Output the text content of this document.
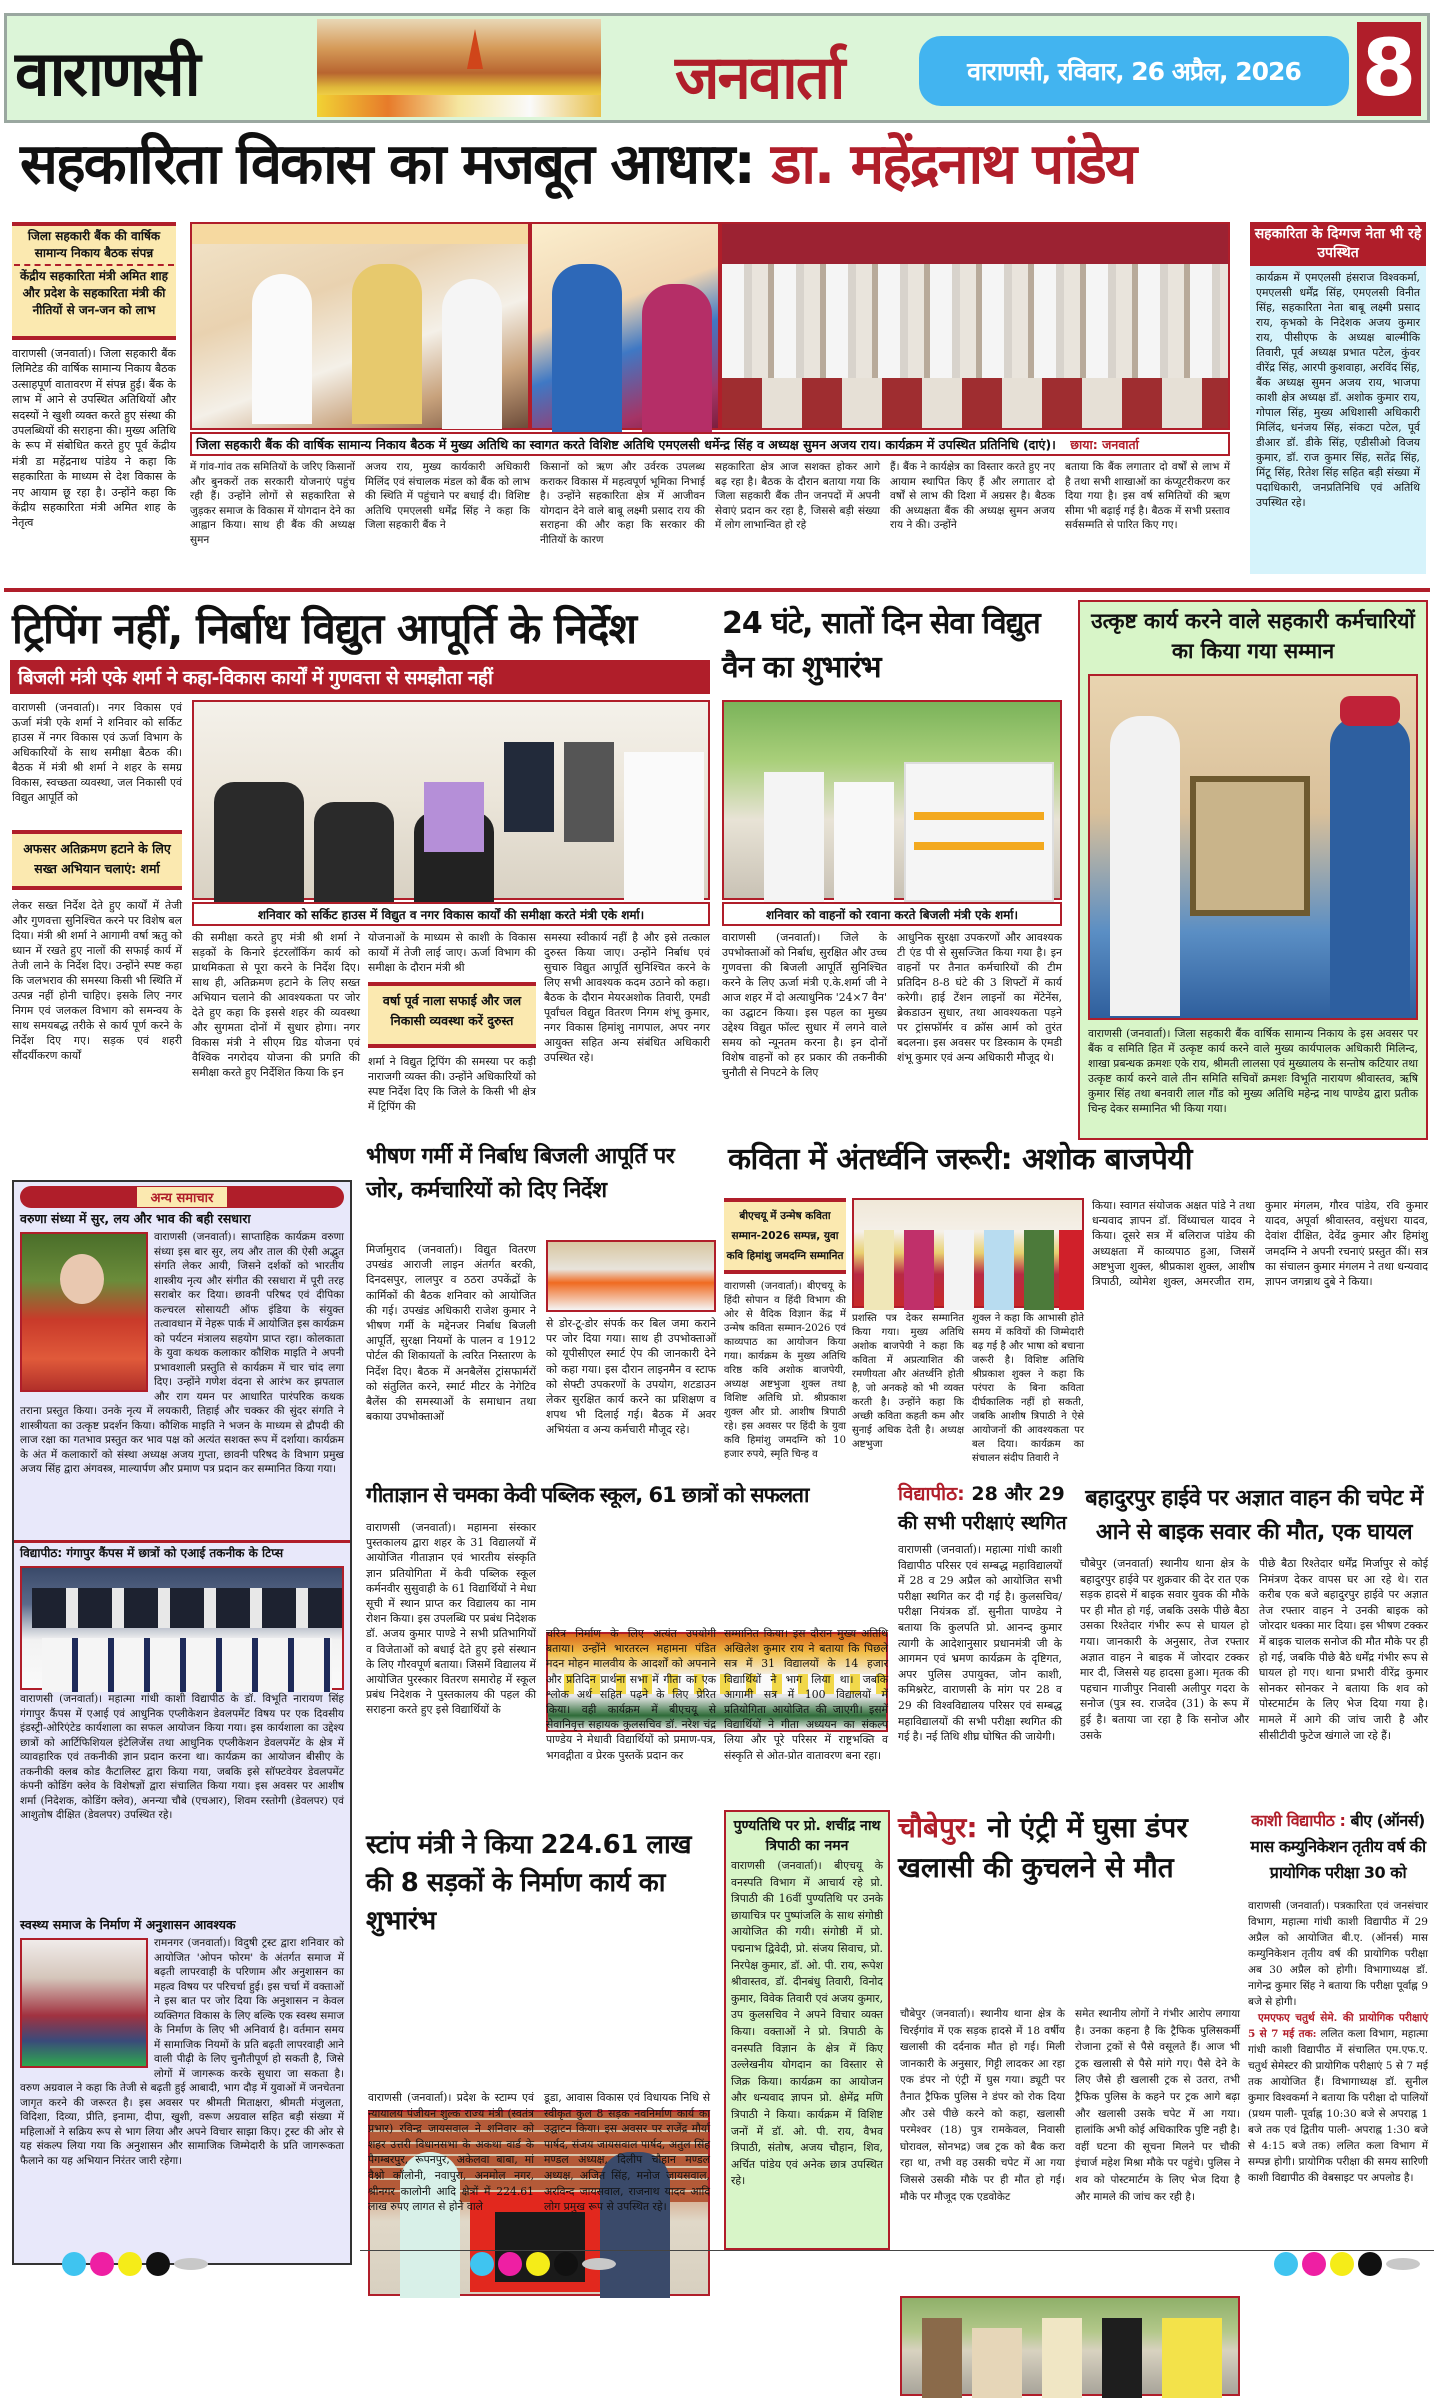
वाराणसी	जनवार्ता	वाराणसी, रविवार, 26 अप्रैल, 2026 8
सहकारिता विकास का मजबूत आधार: डा. महेंद्रनाथ पांडेय
जिला सहकारी बैंक की वार्षिक सामान्य निकाय बैठक संपन्न
केंद्रीय सहकारिता मंत्री अमित शाह और प्रदेश के सहकारिता मंत्री की नीतियों से जन-जन को लाभ
वाराणसी (जनवार्ता)। जिला सहकारी बैंक लिमिटेड की वार्षिक सामान्य निकाय बैठक उत्साहपूर्ण वातावरण में संपन्न हुई। बैंक के लाभ में आने से उपस्थित अतिथियों और सदस्यों ने खुशी व्यक्त करते हुए संस्था की उपलब्धियों की सराहना की। मुख्य अतिथि के रूप में संबोधित करते हुए पूर्व केंद्रीय मंत्री डा महेंद्रनाथ पांडेय ने कहा कि सहकारिता के माध्यम से देश विकास के नए आयाम छू रहा है। उन्होंने कहा कि केंद्रीय सहकारिता मंत्री अमित शाह के नेतृत्व
जिला सहकारी बैंक की वार्षिक सामान्य निकाय बैठक में मुख्य अतिथि का स्वागत करते विशिष्ट अतिथि एमएलसी धर्मेन्द्र सिंह व अध्यक्ष सुमन अजय राय। कार्यक्रम में उपस्थित प्रतिनिधि (दाएं)। छाया: जनवार्ता
में गांव-गांव तक समितियों के जरिए किसानों और बुनकरों तक सरकारी योजनाएं पहुंच रही हैं। उन्होंने लोगों से सहकारिता से जुड़कर समाज के विकास में योगदान देने का आह्वान किया। साथ ही बैंक की अध्यक्ष सुमन
अजय राय, मुख्य कार्यकारी अधिकारी मिलिंद एवं संचालक मंडल को बैंक को लाभ की स्थिति में पहुंचाने पर बधाई दी। विशिष्ट अतिथि एमएलसी धर्मेंद्र सिंह ने कहा कि जिला सहकारी बैंक ने
किसानों को ऋण और उर्वरक उपलब्ध कराकर विकास में महत्वपूर्ण भूमिका निभाई है। उन्होंने सहकारिता क्षेत्र में आजीवन योगदान देने वाले बाबू लक्ष्मी प्रसाद राय की सराहना की और कहा कि सरकार की नीतियों के कारण
सहकारिता क्षेत्र आज सशक्त होकर आगे बढ़ रहा है। बैठक के दौरान बताया गया कि जिला सहकारी बैंक तीन जनपदों में अपनी सेवाएं प्रदान कर रहा है, जिससे बड़ी संख्या में लोग लाभान्वित हो रहे
हैं। बैंक ने कार्यक्षेत्र का विस्तार करते हुए नए आयाम स्थापित किए हैं और लगातार दो वर्षों से लाभ की दिशा में अग्रसर है। बैठक की अध्यक्षता बैंक की अध्यक्ष सुमन अजय राय ने की। उन्होंने
बताया कि बैंक लगातार दो वर्षों से लाभ में है तथा सभी शाखाओं का कंप्यूटरीकरण कर दिया गया है। इस वर्ष समितियों की ऋण सीमा भी बढ़ाई गई है। बैठक में सभी प्रस्ताव सर्वसम्मति से पारित किए गए।
सहकारिता के दिग्गज नेता भी रहे उपस्थित
कार्यक्रम में एमएलसी हंसराज विश्वकर्मा, एमएलसी धर्मेंद्र सिंह, एमएलसी विनीत सिंह, सहकारिता नेता बाबू लक्ष्मी प्रसाद राय, कृभको के निदेशक अजय कुमार राय, पीसीएफ के अध्यक्ष बाल्मीकि तिवारी, पूर्व अध्यक्ष प्रभात पटेल, कुंवर वीरेंद्र सिंह, आरपी कुशवाहा, अरविंद सिंह, बैंक अध्यक्ष सुमन अजय राय, भाजपा काशी क्षेत्र अध्यक्ष डॉ. अशोक कुमार राय, गोपाल सिंह, मुख्य अधिशासी अधिकारी मिलिंद, धनंजय सिंह, संकटा पटेल, पूर्व डीआर डॉ. डीके सिंह, एडीसीओ विजय कुमार, डॉ. राज कुमार सिंह, सतेंद्र सिंह, मिंटू सिंह, रितेश सिंह सहित बड़ी संख्या में पदाधिकारी, जनप्रतिनिधि एवं अतिथि उपस्थित रहे।
ट्रिपिंग नहीं, निर्बाध विद्युत आपूर्ति के निर्देश
बिजली मंत्री एके शर्मा ने कहा-विकास कार्यों में गुणवत्ता से समझौता नहीं
वाराणसी (जनवार्ता)। नगर विकास एवं ऊर्जा मंत्री एके शर्मा ने शनिवार को सर्किट हाउस में नगर विकास एवं ऊर्जा विभाग के अधिकारियों के साथ समीक्षा बैठक की। बैठक में मंत्री श्री शर्मा ने शहर के समग्र विकास, स्वच्छता व्यवस्था, जल निकासी एवं विद्युत आपूर्ति को
अफसर अतिक्रमण हटाने के लिए सख्त अभियान चलाएं: शर्मा
लेकर सख्त निर्देश देते हुए कार्यों में तेजी और गुणवत्ता सुनिश्चित करने पर विशेष बल दिया। मंत्री श्री शर्मा ने आगामी वर्षा ऋतु को ध्यान में रखते हुए नालों की सफाई कार्य में तेजी लाने के निर्देश दिए। उन्होंने स्पष्ट कहा कि जलभराव की समस्या किसी भी स्थिति में उत्पन्न नहीं होनी चाहिए। इसके लिए नगर निगम एवं जलकल विभाग को समन्वय के साथ समयबद्ध तरीके से कार्य पूर्ण करने के निर्देश दिए गए। सड़क एवं शहरी सौंदर्यीकरण कार्यों
शनिवार को सर्किट हाउस में विद्युत व नगर विकास कार्यों की समीक्षा करते मंत्री एके शर्मा।
की समीक्षा करते हुए मंत्री श्री शर्मा ने सड़कों के किनारे इंटरलॉकिंग कार्य को प्राथमिकता से पूरा करने के निर्देश दिए। साथ ही, अतिक्रमण हटाने के लिए सख्त अभियान चलाने की आवश्यकता पर जोर देते हुए कहा कि इससे शहर की व्यवस्था और सुगमता दोनों में सुधार होगा। नगर विकास मंत्री ने सीएम ग्रिड योजना एवं वैश्विक नगरोदय योजना की प्रगति की समीक्षा करते हुए निर्देशित किया कि इन
योजनाओं के माध्यम से काशी के विकास कार्यों में तेजी लाई जाए। ऊर्जा विभाग की समीक्षा के दौरान मंत्री श्री
वर्षा पूर्व नाला सफाई और जल निकासी व्यवस्था करें दुरुस्त
शर्मा ने विद्युत ट्रिपिंग की समस्या पर कड़ी नाराजगी व्यक्त की। उन्होंने अधिकारियों को स्पष्ट निर्देश दिए कि जिले के किसी भी क्षेत्र में ट्रिपिंग की
समस्या स्वीकार्य नहीं है और इसे तत्काल दुरुस्त किया जाए। उन्होंने निर्बाध एवं सुचारु विद्युत आपूर्ति सुनिश्चित करने के लिए सभी आवश्यक कदम उठाने को कहा। बैठक के दौरान मेयरअशोक तिवारी, एमडी पूर्वांचल विद्युत वितरण निगम शंभू कुमार, नगर विकास हिमांशु नागपाल, अपर नगर आयुक्त सहित अन्य संबंधित अधिकारी उपस्थित रहे।
24 घंटे, सातों दिन सेवा विद्युत वैन का शुभारंभ
शनिवार को वाहनों को रवाना करते बिजली मंत्री एके शर्मा।
वाराणसी (जनवार्ता)। जिले के उपभोक्ताओं को निर्बाध, सुरक्षित और उच्च गुणवत्ता की बिजली आपूर्ति सुनिश्चित करने के लिए ऊर्जा मंत्री ए.के.शर्मा जी ने आज शहर में दो अत्याधुनिक '24×7 वैन' का उद्घाटन किया। इस पहल का मुख्य उद्देश्य विद्युत फॉल्ट सुधार में लगने वाले समय को न्यूनतम करना है। इन दोनों विशेष वाहनों को हर प्रकार की तकनीकी चुनौती से निपटने के लिए
आधुनिक सुरक्षा उपकरणों और आवश्यक टी एंड पी से सुसज्जित किया गया है। इन वाहनों पर तैनात कर्मचारियों की टीम प्रतिदिन 8-8 घंटे की 3 शिफ्टों में कार्य करेगी। हाई टेंशन लाइनों का मेंटेनेंस, ब्रेकडाउन सुधार, तथा आवश्यकता पड़ने पर ट्रांसफॉर्मर व क्रॉस आर्म को तुरंत बदलना। इस अवसर पर डिस्काम के एमडी शंभू कुमार एवं अन्य अधिकारी मौजूद थे।
उत्कृष्ट कार्य करने वाले सहकारी कर्मचारियों का किया गया सम्मान
वाराणसी (जनवार्ता)। जिला सहकारी बैंक वार्षिक सामान्य निकाय के इस अवसर पर बैंक व समिति हित में उत्कृष्ट कार्य करने वाले मुख्य कार्यपालक अधिकारी मिलिन्द, शाखा प्रबन्धक क्रमशः एके राय, श्रीमती लालसा एवं मुख्यालय के सन्तोष कटियार तथा उत्कृष्ट कार्य करने वाले तीन समिति सचिवों क्रमशः विभूति नारायण श्रीवास्तव, ऋषि कुमार सिंह तथा बनवारी लाल गौंड को मुख्य अतिथि महेन्द्र नाथ पाण्डेय द्वारा प्रतीक चिन्ह देकर सम्मानित भी किया गया।
अन्य समाचार
वरुणा संध्या में सुर, लय और भाव की बही रसधारा
वाराणसी (जनवार्ता)। साप्ताहिक कार्यक्रम वरुणा संध्या इस बार सुर, लय और ताल की ऐसी अद्भुत संगति लेकर आयी, जिसने दर्शकों को भारतीय शास्त्रीय नृत्य और संगीत की रसधारा में पूरी तरह सराबोर कर दिया। छावनी परिषद एवं दीपिका कल्चरल सोसायटी ऑफ इंडिया के संयुक्त तत्वावधान में नेहरू पार्क में आयोजित इस कार्यक्रम को पर्यटन मंत्रालय सहयोग प्राप्त रहा। कोलकाता के युवा कथक कलाकार कौशिक माइति ने अपनी प्रभावशाली प्रस्तुति से कार्यक्रम में चार चांद लगा दिए। उन्होंने गणेश वंदना से आरंभ कर झपताल और राग यमन पर आधारित पारंपरिक कथक तराना प्रस्तुत किया। उनके नृत्य में लयकारी, तिहाई और चक्कर की सुंदर संगति ने शास्त्रीयता का उत्कृष्ट प्रदर्शन किया। कौशिक माइति ने भजन के माध्यम से द्रौपदी की लाज रक्षा का गतभाव प्रस्तुत कर भाव पक्ष को अत्यंत सशक्त रूप में दर्शाया। कार्यक्रम के अंत में कलाकारों को संस्था अध्यक्ष अजय गुप्ता, छावनी परिषद के विभाग प्रमुख अजय सिंह द्वारा अंगवस्त्र, माल्यार्पण और प्रमाण पत्र प्रदान कर सम्मानित किया गया।
विद्यापीठ: गंगापुर कैंपस में छात्रों को एआई तकनीक के टिप्स
वाराणसी (जनवार्ता)। महात्मा गांधी काशी विद्यापीठ के डॉ. विभूति नारायण सिंह गंगापुर कैंपस में एआई एवं आधुनिक एप्लीकेशन डेवलपमेंट विषय पर एक दिवसीय इंडस्ट्री-ओरिएंटेड कार्यशाला का सफल आयोजन किया गया। इस कार्यशाला का उद्देश्य छात्रों को आर्टिफिशियल इंटेलिजेंस तथा आधुनिक एप्लीकेशन डेवलपमेंट के क्षेत्र में व्यावहारिक एवं तकनीकी ज्ञान प्रदान करना था। कार्यक्रम का आयोजन बीसीए के तकनीकी क्लब कोड कैटालिस्ट द्वारा किया गया, जबकि इसे सॉफ्टवेयर डेवलपमेंट कंपनी कोडिंग क्लेव के विशेषज्ञों द्वारा संचालित किया गया। इस अवसर पर आशीष शर्मा (निदेशक, कोडिंग क्लेव), अनन्या चौबे (एचआर), शिवम रस्तोगी (डेवलपर) एवं आशुतोष दीक्षित (डेवलपर) उपस्थित रहे।
स्वस्थ्य समाज के निर्माण में अनुशासन आवश्यक
रामनगर (जनवार्ता)। विदुषी ट्रस्ट द्वारा शनिवार को आयोजित 'ओपन फोरम' के अंतर्गत समाज में बढ़ती लापरवाही के परिणाम और अनुशासन का महत्व विषय पर परिचर्चा हुई। इस चर्चा में वक्ताओं ने इस बात पर जोर दिया कि अनुशासन न केवल व्यक्तिगत विकास के लिए बल्कि एक स्वस्थ समाज के निर्माण के लिए भी अनिवार्य है। वर्तमान समय में सामाजिक नियमों के प्रति बढ़ती लापरवाही आने वाली पीढ़ी के लिए चुनौतीपूर्ण हो सकती है, जिसे लोगों में जागरूक करके सुधारा जा सकता है। वरुण अग्रवाल ने कहा कि तेजी से बढ़ती हुई आबादी, भाग दौड़ में युवाओं में जनचेतना जागृत करने की जरूरत है। इस अवसर पर श्रीमती मिताक्षरा, श्रीमती मंजुलता, विदिशा, दिव्या, प्रीति, इनामा, दीपा, खुशी, वरूण अग्रवाल सहित बड़ी संख्या में महिलाओं ने सक्रिय रूप से भाग लिया और अपने विचार साझा किए। ट्रस्ट की ओर से यह संकल्प लिया गया कि अनुशासन और सामाजिक जिम्मेदारी के प्रति जागरूकता फैलाने का यह अभियान निरंतर जारी रहेगा।
भीषण गर्मी में निर्बाध बिजली आपूर्ति पर जोर, कर्मचारियों को दिए निर्देश
मिर्जामुराद (जनवार्ता)। विद्युत वितरण उपखंड आराजी लाइन अंतर्गत बरकी, दिनदसपुर, लालपुर व ठठरा उपकेंद्रों के कार्मिकों की बैठक शनिवार को आयोजित की गई। उपखंड अधिकारी राजेश कुमार ने भीषण गर्मी के मद्देनजर निर्बाध बिजली आपूर्ति, सुरक्षा नियमों के पालन व 1912 पोर्टल की शिकायतों के त्वरित निस्तारण के निर्देश दिए। बैठक में अनबैलेंस ट्रांसफार्मरों को संतुलित करने, स्मार्ट मीटर के नेगेटिव बैलेंस की समस्याओं के समाधान तथा बकाया उपभोक्ताओं
से डोर-टू-डोर संपर्क कर बिल जमा कराने पर जोर दिया गया। साथ ही उपभोक्ताओं को यूपीसीएल स्मार्ट ऐप की जानकारी देने को कहा गया। इस दौरान लाइनमैन व स्टाफ को सेफ्टी उपकरणों के उपयोग, शटडाउन लेकर सुरक्षित कार्य करने का प्रशिक्षण व शपथ भी दिलाई गई। बैठक में अवर अभियंता व अन्य कर्मचारी मौजूद रहे।
कविता में अंतर्ध्वनि जरूरी: अशोक बाजपेयी
बीएचयू में उन्मेष कविता सम्मान-2026 सम्पन्न, युवा कवि हिमांशु जमदग्नि सम्मानित
वाराणसी (जनवार्ता)। बीएचयू के हिंदी सोपान व हिंदी विभाग की ओर से वैदिक विज्ञान केंद्र में उन्मेष कविता सम्मान-2026 एवं काव्यपाठ का आयोजन किया गया। कार्यक्रम के मुख्य अतिथि वरिष्ठ कवि अशोक बाजपेयी, अध्यक्ष अष्टभुजा शुक्ल तथा विशिष्ट अतिथि प्रो. श्रीप्रकाश शुक्ल और प्रो. आशीष त्रिपाठी रहे। इस अवसर पर हिंदी के युवा कवि हिमांशु जमदग्नि को 10 हजार रुपये, स्मृति चिन्ह व
प्रशस्ति पत्र देकर सम्मानित किया गया। मुख्य अतिथि अशोक बाजपेयी ने कहा कि कविता में अप्रत्याशित की रमणीयता और अंतर्ध्वनि होती है, जो अनकहे को भी व्यक्त करती है। उन्होंने कहा कि अच्छी कविता कहती कम और सुनाई अधिक देती है। अध्यक्ष अष्टभुजा
शुक्ल ने कहा कि आभासी होते समय में कवियों की जिम्मेदारी बढ़ गई है और भाषा को बचाना जरूरी है। विशिष्ट अतिथि श्रीप्रकाश शुक्ल ने कहा कि परंपरा के बिना कविता दीर्घकालिक नहीं हो सकती, जबकि आशीष त्रिपाठी ने ऐसे आयोजनों की आवश्यकता पर बल दिया। कार्यक्रम का संचालन संदीप तिवारी ने
किया। स्वागत संयोजक अक्षत पांडे ने तथा धन्यवाद ज्ञापन डॉ. विंध्याचल यादव ने किया। दूसरे सत्र में बलिराज पांडेय की अध्यक्षता में काव्यपाठ हुआ, जिसमें अष्टभुजा शुक्ल, श्रीप्रकाश शुक्ल, आशीष त्रिपाठी, व्योमेश शुक्ल, अमरजीत राम, कुमार मंगलम, गौरव पांडेय, रवि कुमार यादव, अपूर्वा श्रीवास्तव, वसुंधरा यादव, देवांश दीक्षित, देवेंद्र कुमार और हिमांशु जमदग्नि ने अपनी रचनाएं प्रस्तुत कीं। सत्र का संचालन कुमार मंगलम ने तथा धन्यवाद ज्ञापन जगन्नाथ दुबे ने किया।
गीताज्ञान से चमका केवी पब्लिक स्कूल, 61 छात्रों को सफलता
वाराणसी (जनवार्ता)। महामना संस्कार पुस्तकालय द्वारा शहर के 31 विद्यालयों में आयोजित गीताज्ञान एवं भारतीय संस्कृति ज्ञान प्रतियोगिता में केवी पब्लिक स्कूल कर्मनवीर सुसुवाही के 61 विद्यार्थियों ने मेधा सूची में स्थान प्राप्त कर विद्यालय का नाम रोशन किया। इस उपलब्धि पर प्रबंध निदेशक डॉ. अजय कुमार पाण्डे ने सभी प्रतिभागियों व विजेताओं को बधाई देते हुए इसे संस्थान के लिए गौरवपूर्ण बताया। जिसमें विद्यालय में आयोजित पुरस्कार वितरण समारोह में स्कूल प्रबंध निदेशक ने पुस्तकालय की पहल की सराहना करते हुए इसे विद्यार्थियों के
चरित्र निर्माण के लिए अत्यंत उपयोगी बताया। उन्होंने भारतरत्न महामना पंडित मदन मोहन मालवीय के आदर्शों को अपनाने और प्रतिदिन प्रार्थना सभा में गीता का एक श्लोक अर्थ सहित पढ़ने के लिए प्रेरित किया। वही कार्यक्रम में बीएचयू से सेवानिवृत्त सहायक कुलसचिव डॉ. नरेश चंद्र पाण्डेय ने मेधावी विद्यार्थियों को प्रमाण-पत्र, भगवद्गीता व प्रेरक पुस्तकें प्रदान कर
सम्मानित किया। इस दौरान मुख्य अतिथि अखिलेश कुमार राय ने बताया कि पिछले सत्र में 31 विद्यालयों के 14 हजार विद्यार्थियों ने भाग लिया था। जबकि आगामी सत्र में 100 विद्यालयों में प्रतियोगिता आयोजित की जाएगी। इसमें विद्यार्थियों ने गीता अध्ययन का संकल्प लिया और पूरे परिसर में राष्ट्रभक्ति व संस्कृति से ओत-प्रोत वातावरण बना रहा।
विद्यापीठ: 28 और 29 की सभी परीक्षाएं स्थगित
वाराणसी (जनवार्ता)। महात्मा गांधी काशी विद्यापीठ परिसर एवं सम्बद्ध महाविद्यालयों में 28 व 29 अप्रैल को आयोजित सभी परीक्षा स्थगित कर दी गई है। कुलसचिव/परीक्षा नियंत्रक डॉ. सुनीता पाण्डेय ने बताया कि कुलपति प्रो. आनन्द कुमार त्यागी के आदेशानुसार प्रधानमंत्री जी के आगमन एवं भ्रमण कार्यक्रम के दृष्टिगत, अपर पुलिस उपायुक्त, जोन काशी, कमिश्नरेट, वाराणसी के मांग पर 28 व 29 की विश्वविद्यालय परिसर एवं सम्बद्ध महाविद्यालयों की सभी परीक्षा स्थगित की गई है। नई तिथि शीघ्र घोषित की जायेगी।
बहादुरपुर हाईवे पर अज्ञात वाहन की चपेट में आने से बाइक सवार की मौत, एक घायल
चौबेपुर (जनवार्ता) स्थानीय थाना क्षेत्र के बहादुरपुर हाईवे पर शुक्रवार की देर रात एक सड़क हादसे में बाइक सवार युवक की मौके पर ही मौत हो गई, जबकि उसके पीछे बैठा उसका रिश्तेदार गंभीर रूप से घायल हो गया। जानकारी के अनुसार, तेज रफ्तार अज्ञात वाहन ने बाइक में जोरदार टक्कर मार दी, जिससे यह हादसा हुआ। मृतक की पहचान गाजीपुर निवासी अलीपुर गदरा के सनोज (पुत्र स्व. राजदेव (31) के रूप में हुई है। बताया जा रहा है कि सनोज और उसके
पीछे बैठा रिश्तेदार धर्मेंद्र मिर्जापुर से कोई निमंत्रण देकर वापस घर आ रहे थे। रात करीब एक बजे बहादुरपुर हाईवे पर अज्ञात तेज रफ्तार वाहन ने उनकी बाइक को जोरदार धक्का मार दिया। इस भीषण टक्कर में बाइक चालक सनोज की मौत मौके पर ही हो गई, जबकि पीछे बैठे धर्मेंद्र गंभीर रूप से घायल हो गए। थाना प्रभारी वीरेंद्र कुमार सोनकर सोनकर ने बताया कि शव को पोस्टमार्टम के लिए भेज दिया गया है। मामले में आगे की जांच जारी है और सीसीटीवी फुटेज खंगाले जा रहे हैं।
स्टांप मंत्री ने किया 224.61 लाख की 8 सड़कों के निर्माण कार्य का शुभारंभ
वाराणसी (जनवार्ता)। प्रदेश के स्टाम्प एवं न्यायालय पंजीयन शुल्क राज्य मंत्री (स्वतंत्र प्रभार) रविन्द्र जायसवाल ने शनिवार को शहर उत्तरी विधानसभा के अकथा वार्ड के पैगम्बरपुर, रूपनपुर, अकेलवा बाबा, मां वैश्नो कॉलोनी, नवापुरा, अनमोल नगर, श्रीनगर कालोनी आदि क्षेत्रों में 224.61 लाख रुपए लागत से होने वाले
डूडा, आवास विकास एवं विधायक निधि से स्वीकृत कुल 8 सड़क नवनिर्माण कार्य का उद्घाटन किया। इस अवसर पर राजेंद्र मौर्या पार्षद, संजय जायसवाल पार्षद, अतुल सिंह मण्डल अध्यक्ष, दिलीप चौहान मण्डल अध्यक्ष, अजित सिंह, मनोज जायसवाल, अरविन्द जायसवाल, राजनाथ यादव आदि लोग प्रमुख रूप से उपस्थित रहे।
पुण्यतिथि पर प्रो. शचींद्र नाथ त्रिपाठी का नमन
वाराणसी (जनवार्ता)। बीएचयू के वनस्पति विभाग में आचार्य रहे प्रो. त्रिपाठी की 16वीं पुण्यतिथि पर उनके छायाचित्र पर पुष्पांजलि के साथ संगोष्ठी आयोजित की गयी। संगोष्ठी में प्रो. पद्मनाभ द्विवेदी, प्रो. संजय सिवाच, प्रो. निरपेक्ष कुमार, डॉ. ओ. पी. राय, रूपेश श्रीवास्तव, डॉ. दीनबंधु तिवारी, विनोद कुमार, विवेक तिवारी एवं अजय कुमार, उप कुलसचिव ने अपने विचार व्यक्त किया। वक्ताओं ने प्रो. त्रिपाठी के वनस्पति विज्ञान के क्षेत्र में किए उल्लेखनीय योगदान का विस्तार से जिक्र किया। कार्यक्रम का आयोजन और धन्यवाद ज्ञापन प्रो. क्षेमेंद्र मणि त्रिपाठी ने किया। कार्यक्रम में विशिष्ट जनों में डॉ. ओ. पी. राय, वैभव त्रिपाठी, संतोष, अजय चौहान, शिव, अर्चित पांडेय एवं अनेक छात्र उपस्थित रहे।
चौबेपुर: नो एंट्री में घुसा डंपर खलासी की कुचलने से मौत
चौबेपुर (जनवार्ता)। स्थानीय थाना क्षेत्र के चिरईगांव में एक सड़क हादसे में 18 वर्षीय खलासी की दर्दनाक मौत हो गई। मिली जानकारी के अनुसार, गिट्टी लादकर आ रहा एक डंपर नो एंट्री में घुस गया। ड्यूटी पर तैनात ट्रैफिक पुलिस ने डंपर को रोक दिया और उसे पीछे करने को कहा, खलासी परमेश्वर (18) पुत्र रामकेवल, निवासी घोरावल, सोनभद्र) जब ट्रक को बैक करा रहा था, तभी वह उसकी चपेट में आ गया जिससे उसकी मौके पर ही मौत हो गई। मौके पर मौजूद एक एडवोकेट
समेत स्थानीय लोगों ने गंभीर आरोप लगाया है। उनका कहना है कि ट्रैफिक पुलिसकर्मी रोजाना ट्रकों से पैसे वसूलते हैं। आज भी ट्रक खलासी से पैसे मांगे गए। पैसे देने के लिए जैसे ही खलासी ट्रक से उतरा, तभी ट्रैफिक पुलिस के कहने पर ट्रक आगे बढ़ा और खलासी उसके चपेट में आ गया। हालांकि अभी कोई अधिकारिक पुष्टि नही है। वहीं घटना की सूचना मिलने पर चौकी इंचार्ज महेश मिश्रा मौके पर पहुंचे। पुलिस ने शव को पोस्टमार्टम के लिए भेज दिया है और मामले की जांच कर रही है।
काशी विद्यापीठ : बीए (ऑनर्स) मास कम्युनिकेशन तृतीय वर्ष की प्रायोगिक परीक्षा 30 को
वाराणसी (जनवार्ता)। पत्रकारिता एवं जनसंचार विभाग, महात्मा गांधी काशी विद्यापीठ में 29 अप्रैल को आयोजित बी.ए. (ऑनर्स) मास कम्युनिकेशन तृतीय वर्ष की प्रायोगिक परीक्षा अब 30 अप्रैल को होगी। विभागाध्यक्ष डॉ. नागेन्द्र कुमार सिंह ने बताया कि परीक्षा पूर्वाह्न 9 बजे से होगी।
एमएफए चतुर्थ सेमे. की प्रायोगिक परीक्षाएं 5 से 7 मई तक: ललित कला विभाग, महात्मा गांधी काशी विद्यापीठ में संचालित एम.एफ.ए. चतुर्थ सेमेस्टर की प्रायोगिक परीक्षाएं 5 से 7 मई तक आयोजित हैं। विभागाध्यक्ष डॉ. सुनील कुमार विश्वकर्मा ने बताया कि परीक्षा दो पालियों (प्रथम पाली- पूर्वाह्न 10:30 बजे से अपराह्न 1 बजे तक एवं द्वितीय पाली- अपराह्न 1:30 बजे से 4:15 बजे तक) ललित कला विभाग में सम्पन्न होगी। प्रायोगिक परीक्षा की समय सारिणी काशी विद्यापीठ की वेबसाइट पर अपलोड है।
